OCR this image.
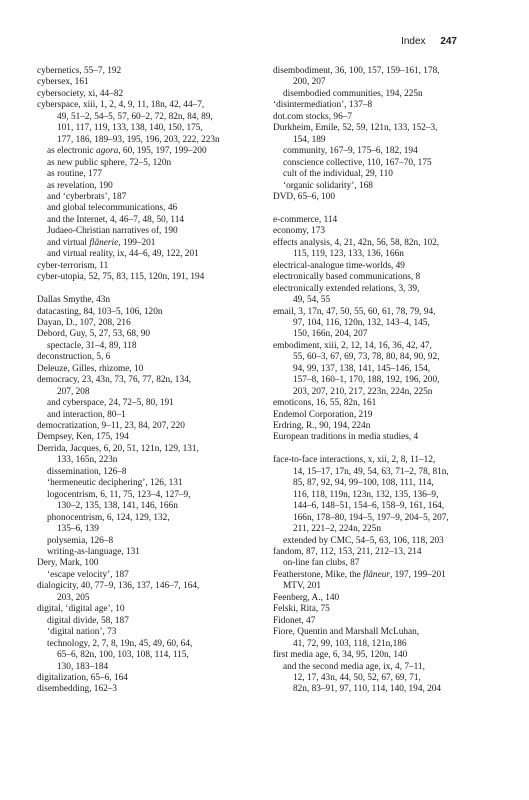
Index 247

cybernetics, 55–7, 192

cybersex, 161

cybersociety, xi, 44–82

cyberspace, xiii, 1, 2, 4, 9, 11, 18n, 42, 44–7,

49, 51–2, 54–5, 57, 60–2, 72, 82n, 84, 89,

101, 117, 119, 133, 138, 140, 150, 175,

177, 186, 189–93, 195, 196, 203, 222, 223n

as electronic agora, 60, 195, 197, 199–200

as new public sphere, 72–5, 120n

as routine, 177

as revelation, 190

and ‘cyberbrats’, 187

and global telecommunications, 46

and the Internet, 4, 46–7, 48, 50, 114

Judaeo-Christian narratives of, 190

and virtual flânerie, 199–201

and virtual reality, ix, 44–6, 49, 122, 201

cyber-terrorism, 11

cyber-utopia, 52, 75, 83, 115, 120n, 191, 194

Dallas Smythe, 43n

datacasting, 84, 103–5, 106, 120n

Dayan, D., 107, 208, 216

Debord, Guy, 5, 27, 53, 68, 90

spectacle, 31–4, 89, 118

deconstruction, 5, 6

Deleuze, Gilles, rhizome, 10

democracy, 23, 43n, 73, 76, 77, 82n, 134,

207, 208

and cyberspace, 24, 72–5, 80, 191

and interaction, 80–1

democratization, 9–11, 23, 84, 207, 220

Dempsey, Ken, 175, 194

Derrida, Jacques, 6, 20, 51, 121n, 129, 131,

133, 165n, 223n

dissemination, 126–8

‘hermeneutic deciphering’, 126, 131

logocentrism, 6, 11, 75, 123–4, 127–9,

130–2, 135, 138, 141, 146, 166n

phonocentrism, 6, 124, 129, 132,

135–6, 139

polysemia, 126–8

writing-as-language, 131

Dery, Mark, 100

‘escape velocity’, 187

dialogicity, 40, 77–9, 136, 137, 146–7, 164,

203, 205

digital, ‘digital age’, 10

digital divide, 58, 187

‘digital nation’, 73

technology, 2, 7, 8, 19n, 45, 49, 60, 64,

65–6, 82n, 100, 103, 108, 114, 115,

130, 183–184

digitalization, 65–6, 164

disembedding, 162–3

disembodiment, 36, 100, 157, 159–161, 178,

200, 207

disembodied communities, 194, 225n

‘disintermediation’, 137–8

dot.com stocks, 96–7

Durkheim, Emile, 52, 59, 121n, 133, 152–3,

154, 189

community, 167–9, 175–6, 182, 194

conscience collective, 110, 167–70, 175

cult of the individual, 29, 110

‘organic solidarity’, 168

DVD, 65–6, 100

e-commerce, 114

economy, 173

effects analysis, 4, 21, 42n, 56, 58, 82n, 102,

115, 119, 123, 133, 136, 166n

electrical-analogue time-worlds, 49

electronically based communications, 8

electronically extended relations, 3, 39,

49, 54, 55

email, 3, 17n, 47, 50, 55, 60, 61, 78, 79, 94,

97, 104, 116, 120n, 132, 143–4, 145,

150, 166n, 204, 207

embodiment, xiii, 2, 12, 14, 16, 36, 42, 47,

55, 60–3, 67, 69, 73, 78, 80, 84, 90, 92,

94, 99, 137, 138, 141, 145–146, 154,

157–8, 160–1, 170, 188, 192, 196, 200,

203, 207, 210, 217, 223n, 224n, 225n

emoticons, 16, 55, 82n, 161

Endemol Corporation, 219

Erdring, R., 90, 194, 224n

European traditions in media studies, 4

face-to-face interactions, x, xii, 2, 8, 11–12,

14, 15–17, 17n, 49, 54, 63, 71–2, 78, 81n,

85, 87, 92, 94, 99–100, 108, 111, 114,

116, 118, 119n, 123n, 132, 135, 136–9,

144–6, 148–51, 154–6, 158–9, 161, 164,

166n, 178–80, 194–5, 197–9, 204–5, 207,

211, 221–2, 224n, 225n

extended by CMC, 54–5, 63, 106, 118, 203

fandom, 87, 112, 153, 211, 212–13, 214

on-line fan clubs, 87

Featherstone, Mike, the flâneur, 197, 199–201

MTV, 201

Feenberg, A., 140

Felski, Rita, 75

Fidonet, 47

Fiore, Quentin and Marshall McLuhan,

41, 72, 99, 103, 118, 121n,186

first media age, 6, 34, 95, 120n, 140

and the second media age, ix, 4, 7–11,

12, 17, 43n, 44, 50, 52, 67, 69, 71,

82n, 83–91, 97, 110, 114, 140, 194, 204
